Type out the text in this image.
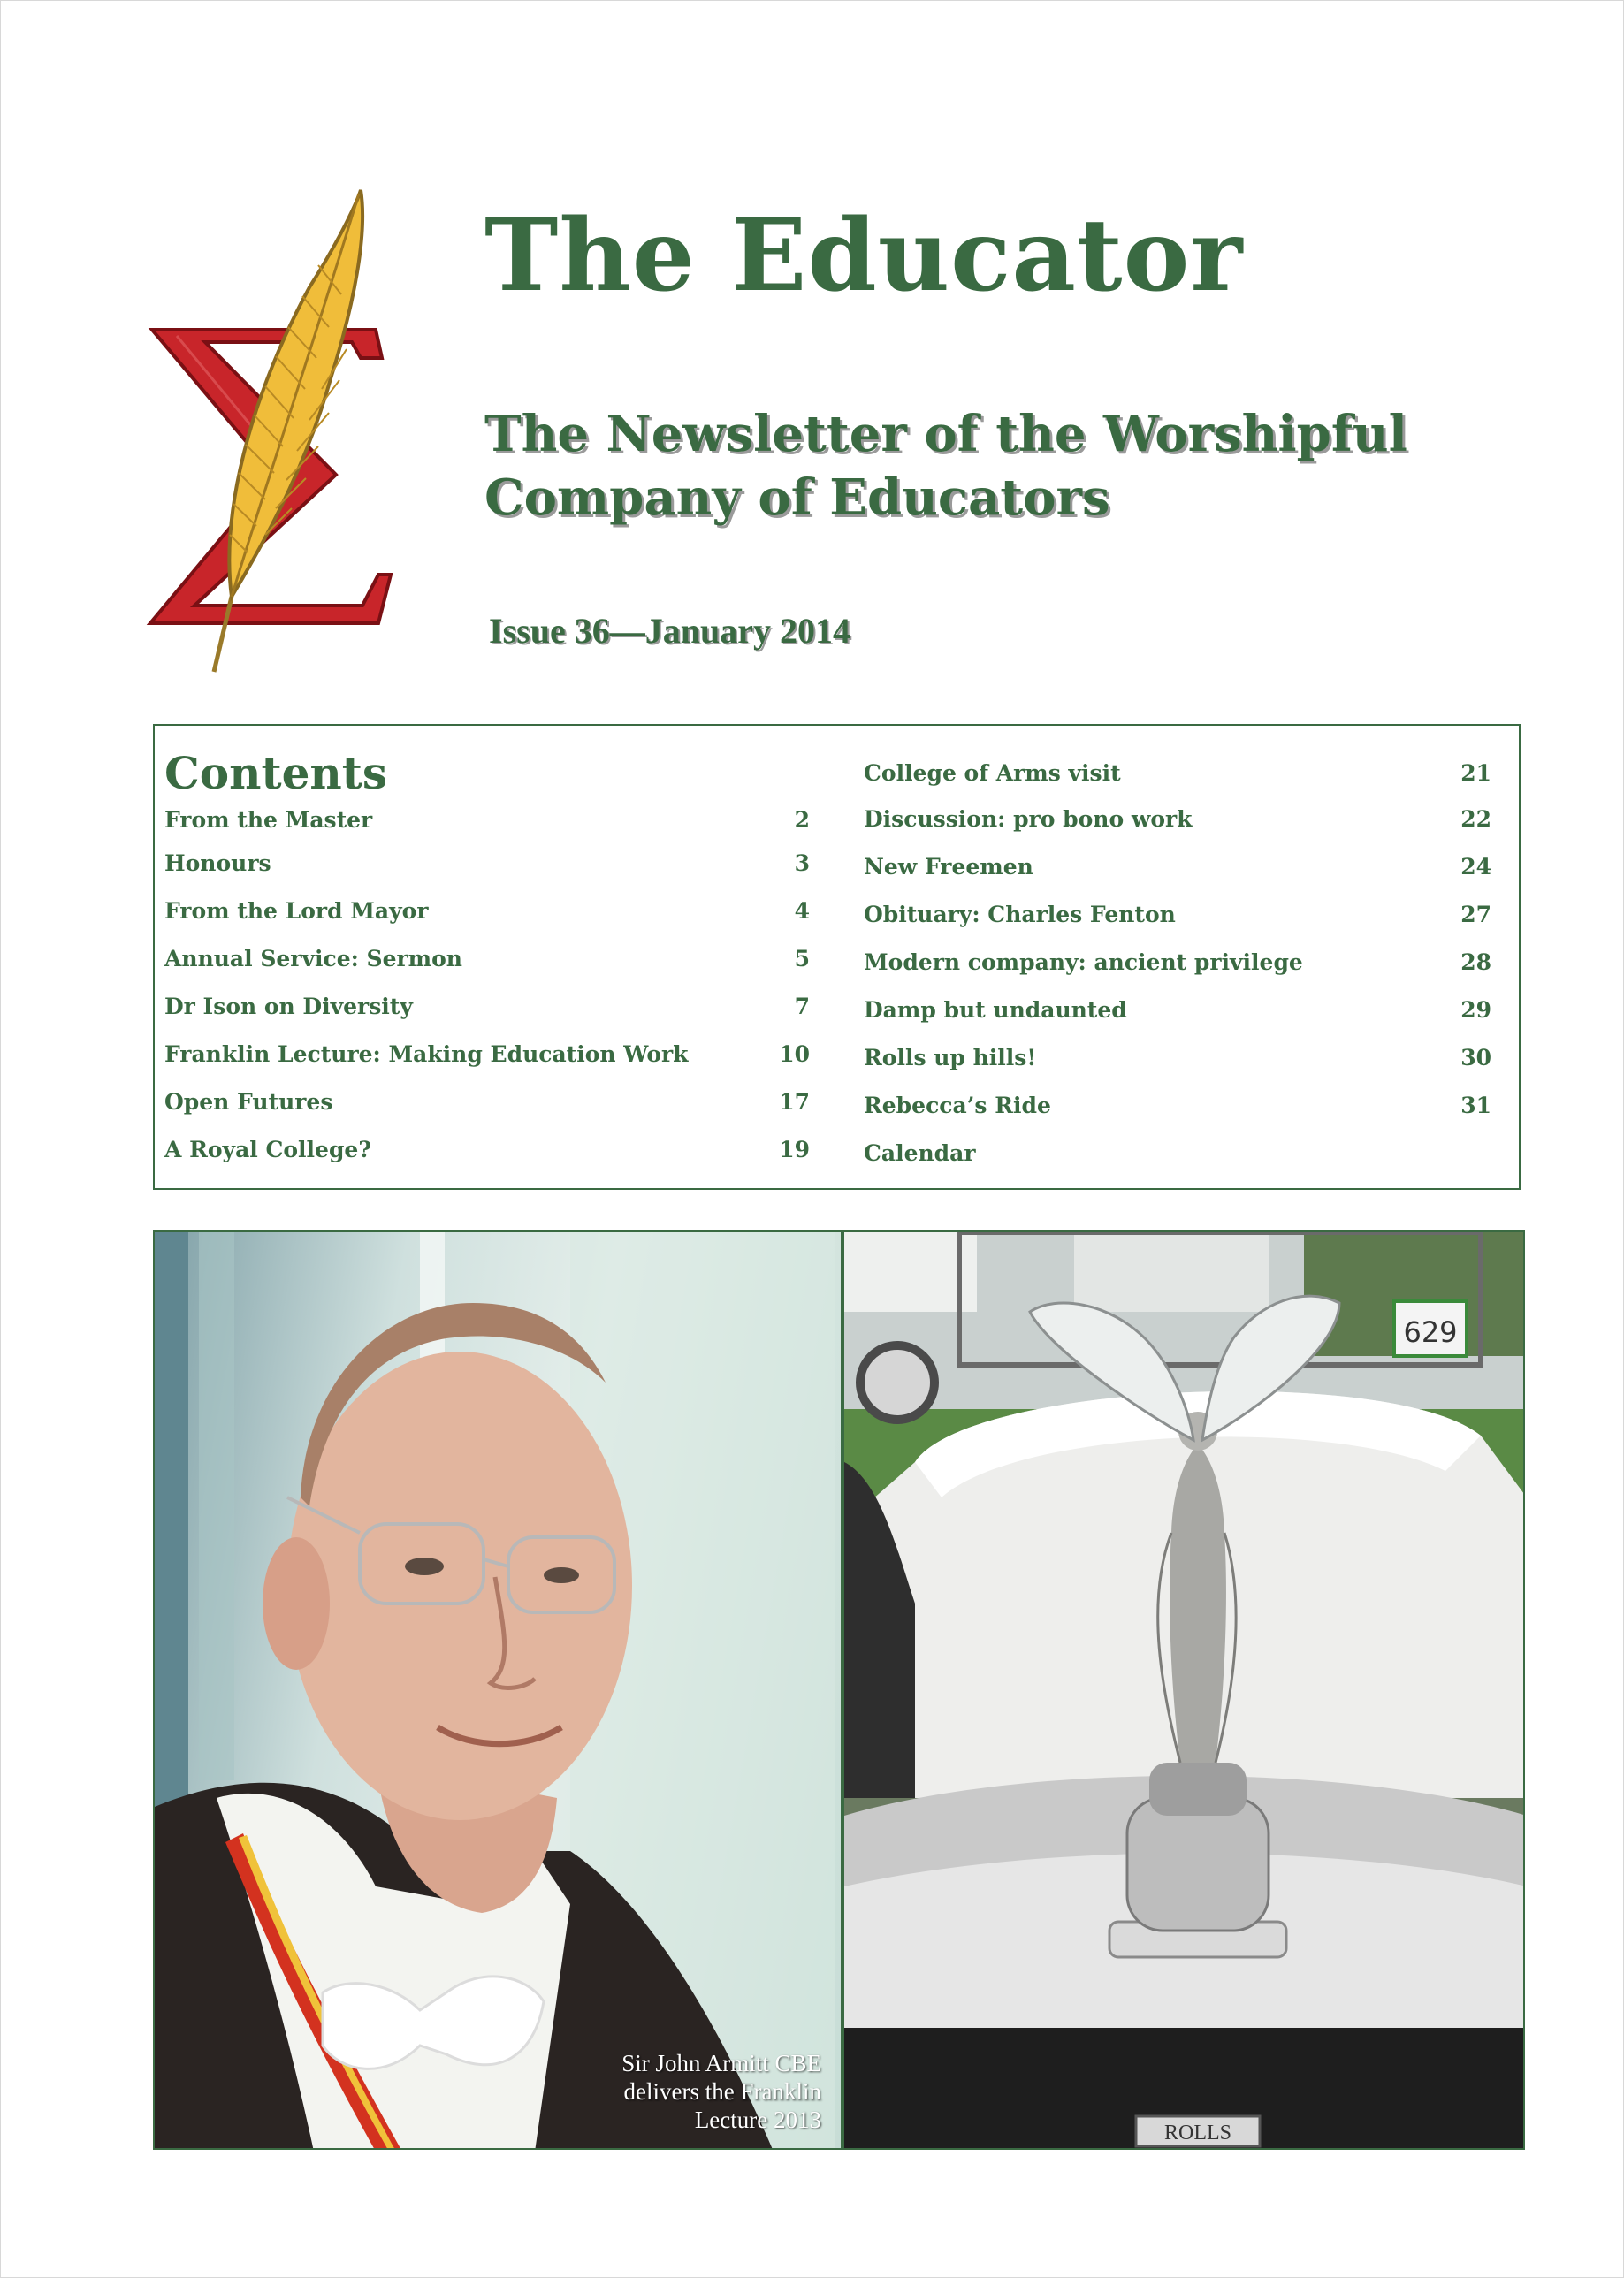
The Educator
The Newsletter of the Worshipful
Company of Educators
Issue 36—January 2014
Contents
From the Master	2
Honours	3
From the Lord Mayor	4
Annual Service: Sermon	5
Dr Ison on Diversity	7
Franklin Lecture: Making Education Work	10
Open Futures	17
A Royal College?	19
College of Arms visit	21
Discussion: pro bono work	22
New Freemen	24
Obituary: Charles Fenton	27
Modern company: ancient privilege	28
Damp but undaunted	29
Rolls up hills!	30
Rebecca’s Ride	31
Calendar
Sir John Armitt CBE
delivers the Franklin
Lecture 2013
629
ROLLS
